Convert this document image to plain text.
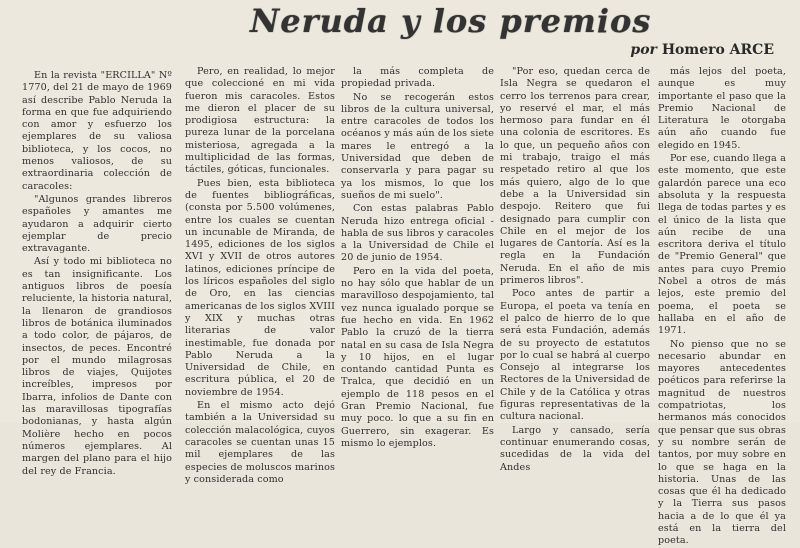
Neruda y los premios
por Homero ARCE

En la revista "ERCILLA" Nº 1770, del 21 de mayo de 1969 así describe Pablo Neruda la forma en que fue adquiriendo con amor y esfuerzo los ejemplares de su valiosa biblioteca, y los cocos, no menos valiosos, de su extraordinaria colección de caracoles:

"Algunos grandes libreros españoles y amantes me ayudaron a adquirir cierto ejemplar de precio extravagante.

Así y todo mi biblioteca no es tan insignificante. Los antiguos libros de poesía reluciente, la historia natural, la llenaron de grandiosos libros de botánica iluminados a todo color, de pájaros, de insectos, de peces. Encontré por el mundo milagrosas libros de viajes, Quijotes increíbles, impresos por Ibarra, infolios de Dante con las maravillosas tipografías bodonianas, y hasta algún Molière hecho en pocos números ejemplares. Al margen del plano para el hijo del rey de Francia.

Pero, en realidad, lo mejor que coleccioné en mi vida fueron mis caracoles. Estos me dieron el placer de su prodigiosa estructura: la pureza lunar de la porcelana misteriosa, agregada a la multiplicidad de las formas, táctiles, góticas, funcionales.

Pues bien, esta biblioteca de fuentes bibliográficas, (consta por 5.500 volúmenes, entre los cuales se cuentan un incunable de Miranda, de 1495, ediciones de los siglos XVI y XVII de otros autores latinos, ediciones príncipe de los líricos españoles del siglo de Oro, en las ciencias americanas de los siglos XVIII y XIX y muchas otras literarias de valor inestimable, fue donada por Pablo Neruda a la Universidad de Chile, en escritura pública, el 20 de noviembre de 1954.

En el mismo acto dejó también a la Universidad su colección malacológica, cuyos caracoles se cuentan unas 15 mil ejemplares de las especies de moluscos marinos y considerada como

la más completa de propiedad privada.

No se recogerán estos libros de la cultura universal, entre caracoles de todos los océanos y más aún de los siete mares le entregó a la Universidad que deben de conservarla y para pagar su ya los mismos, lo que los sueños de mi suelo".

Con estas palabras Pablo Neruda hizo entrega oficial -habla de sus libros y caracoles a la Universidad de Chile el 20 de junio de 1954.

Pero en la vida del poeta, no hay sólo que hablar de un maravilloso despojamiento, tal vez nunca igualado porque se fue hecho en vida. En 1962 Pablo la cruzó de la tierra natal en su casa de Isla Negra y 10 hijos, en el lugar contando cantidad Punta es Tralca, que decidió en un ejemplo de 118 pesos en el Gran Premio Nacional, fue muy poco. lo que a su fin en Guerrero, sin exagerar. Es mismo lo ejemplos.

"Por eso, quedan cerca de Isla Negra se quedaron el cerro los terrenos para crear, yo reservé el mar, el más hermoso para fundar en él una colonia de escritores. Es lo que, un pequeño años con mi trabajo, traigo el más respetado retiro al que los más quiero, algo de lo que debe a la Universidad sin despojo. Reitero que fui designado para cumplir con Chile en el mejor de los lugares de Cantoría. Así es la regla en la Fundación Neruda. En el año de mis primeros libros".

Poco antes de partir a Europa, el poeta va tenía en el palco de hierro de lo que será esta Fundación, además de su proyecto de estatutos por lo cual se habrá al cuerpo Consejo al integrarse los Rectores de la Universidad de Chile y de la Católica y otras figuras representativas de la cultura nacional.

Largo y cansado, sería continuar enumerando cosas, sucedidas de la vida del Andes

más lejos del poeta, aunque es muy importante el paso que la Premio Nacional de Literatura le otorgaba aún año cuando fue elegido en 1945.

Por ese, cuando llega a este momento, que este galardón parece una eco absoluta y la respuesta llega de todas partes y es el único de la lista que aún recibe de una escritora deriva el título de "Premio General" que antes para cuyo Premio Nobel a otros de más lejos, este premio del poema, el poeta se hallaba en el año de 1971.

No pienso que no se necesario abundar en mayores antecedentes poéticos para referirse la magnitud de nuestros compatriotas, los hermanos más conocidos que pensar que sus obras y su nombre serán de tantos, por muy sobre en lo que se haga en la historia. Unas de las cosas que él ha dedicado y la Tierra sus pasos hacia a de lo que él ya está en la tierra del poeta.
